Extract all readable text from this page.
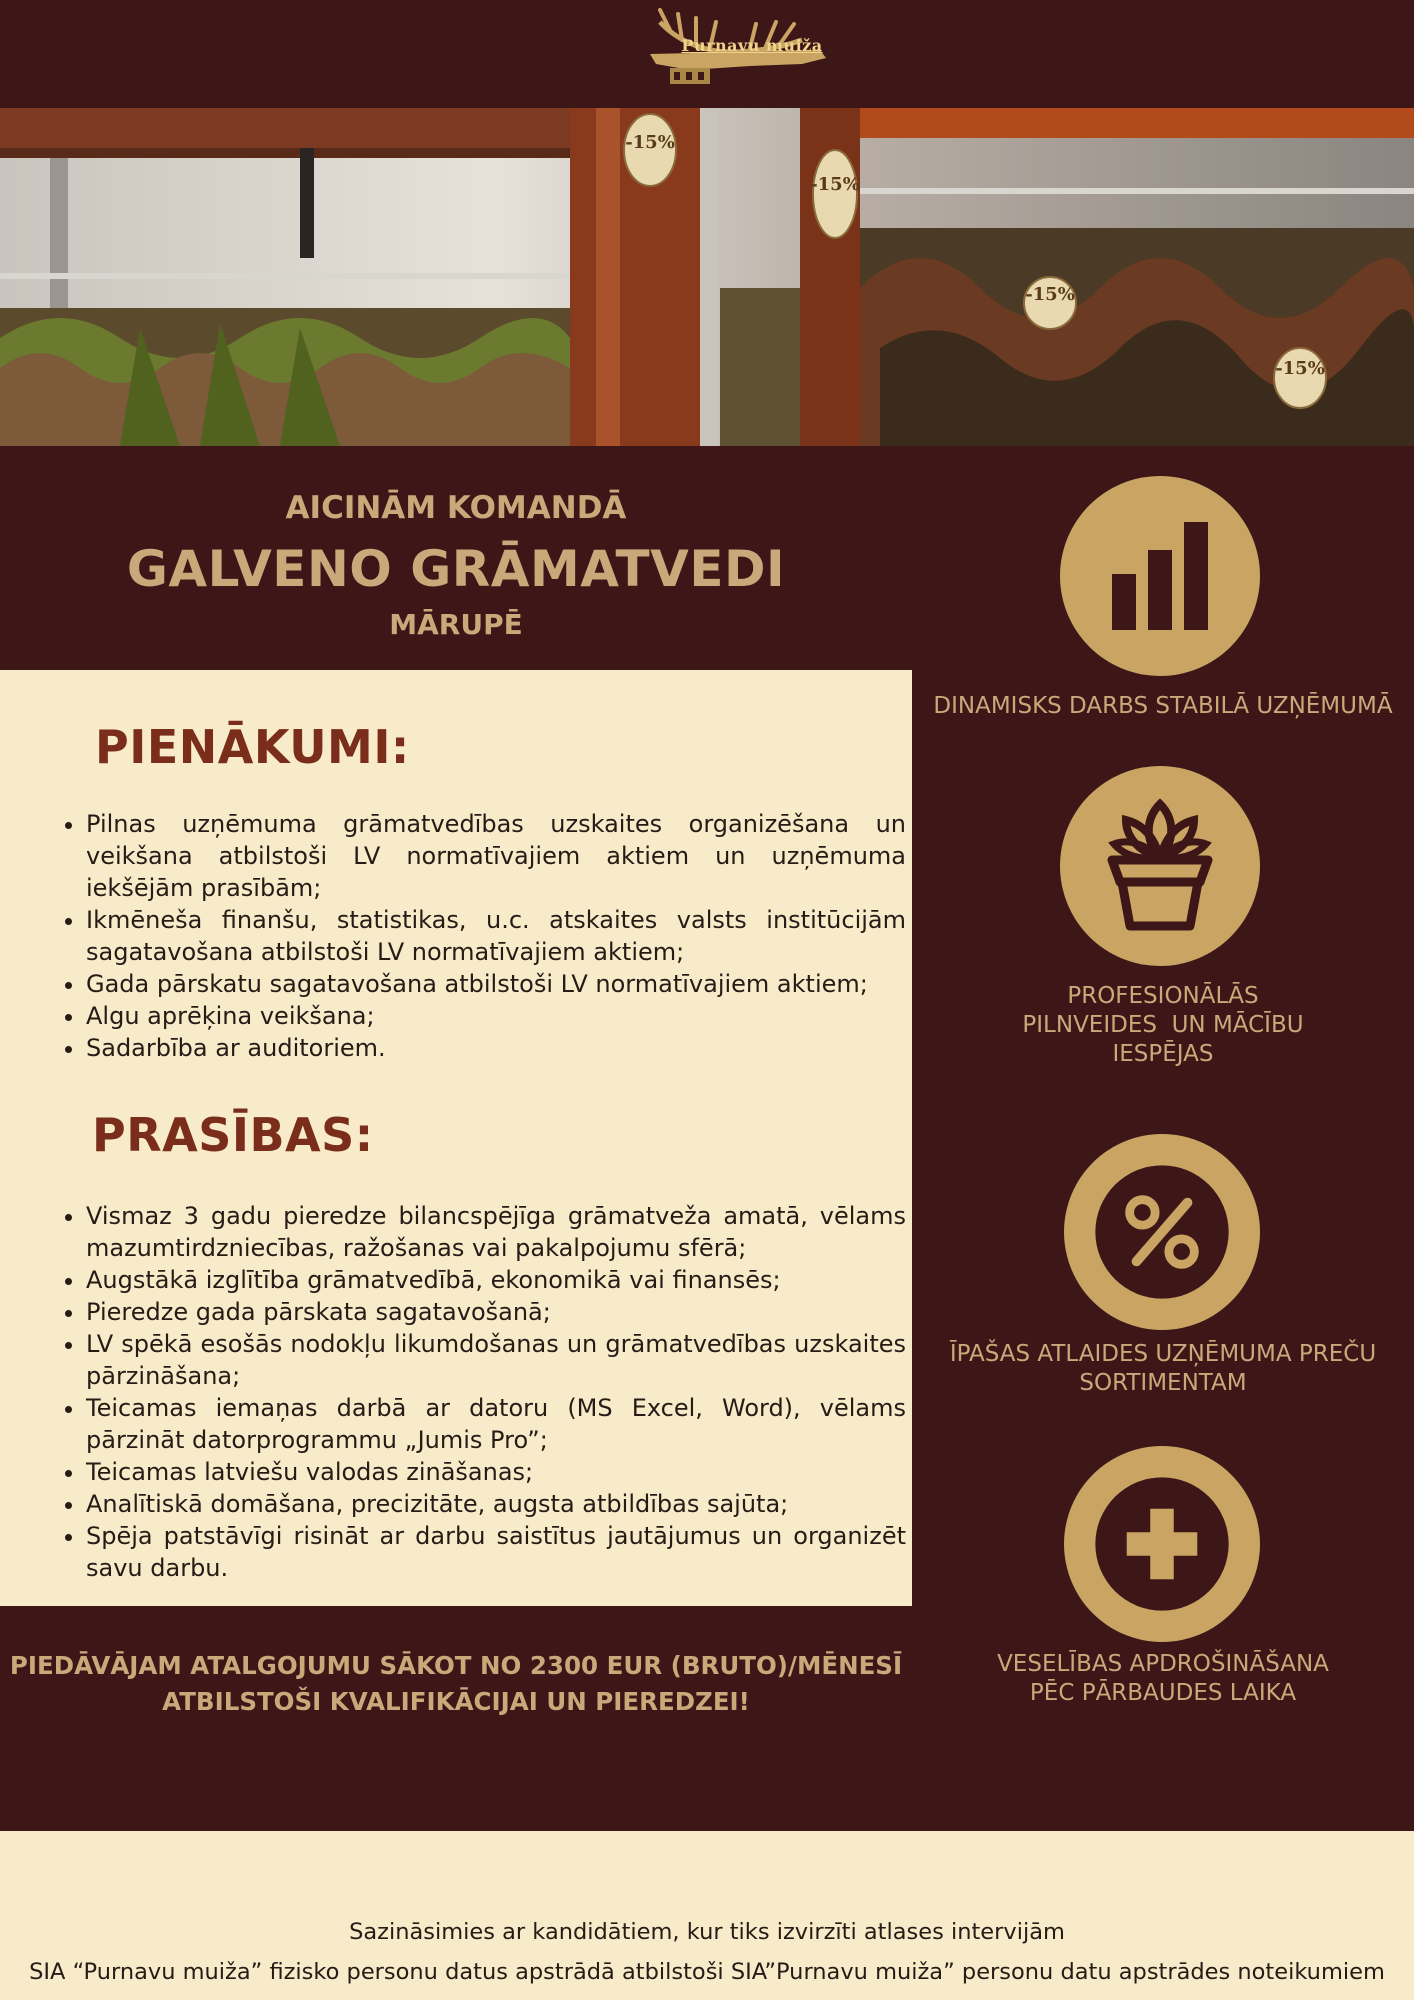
Purnavu muiža
-15%
-15%
-15%
-15%
AICINĀM KOMANDĀ
GALVENO GRĀMATVEDI
MĀRUPĒ
PIENĀKUMI:
• Pilnas uzņēmuma grāmatvedības uzskaites organizēšana un veikšana atbilstoši LV normatīvajiem aktiem un uzņēmuma iekšējām prasībām;
• Ikmēneša finanšu, statistikas, u.c. atskaites valsts institūcijām sagatavošana atbilstoši LV normatīvajiem aktiem;
• Gada pārskatu sagatavošana atbilstoši LV normatīvajiem aktiem;
• Algu aprēķina veikšana;
• Sadarbība ar auditoriem.
PRASĪBAS:
• Vismaz 3 gadu pieredze bilancspējīga grāmatveža amatā, vēlams mazumtirdzniecības, ražošanas vai pakalpojumu sfērā;
• Augstākā izglītība grāmatvedībā, ekonomikā vai finansēs;
• Pieredze gada pārskata sagatavošanā;
• LV spēkā esošās nodokļu likumdošanas un grāmatvedības uzskaites pārzināšana;
• Teicamas iemaņas darbā ar datoru (MS Excel, Word), vēlams pārzināt datorprogrammu „Jumis Pro”;
• Teicamas latviešu valodas zināšanas;
• Analītiskā domāšana, precizitāte, augsta atbildības sajūta;
• Spēja patstāvīgi risināt ar darbu saistītus jautājumus un organizēt savu darbu.
PIEDĀVĀJAM ATALGOJUMU SĀKOT NO 2300 EUR (BRUTO)/MĒNESĪ
ATBILSTOŠI KVALIFIKĀCIJAI UN PIEREDZEI!
DINAMISKS DARBS STABILĀ UZŅĒMUMĀ
PROFESIONĀLĀS
PILNVEIDES  UN MĀCĪBU
IESPĒJAS
ĪPAŠAS ATLAIDES UZŅĒMUMA PREČU
SORTIMENTAM
VESELĪBAS APDROŠINĀŠANA
PĒC PĀRBAUDES LAIKA
Sazināsimies ar kandidātiem, kur tiks izvirzīti atlases intervijām
SIA “Purnavu muiža” fizisko personu datus apstrādā atbilstoši SIA”Purnavu muiža” personu datu apstrādes noteikumiem
